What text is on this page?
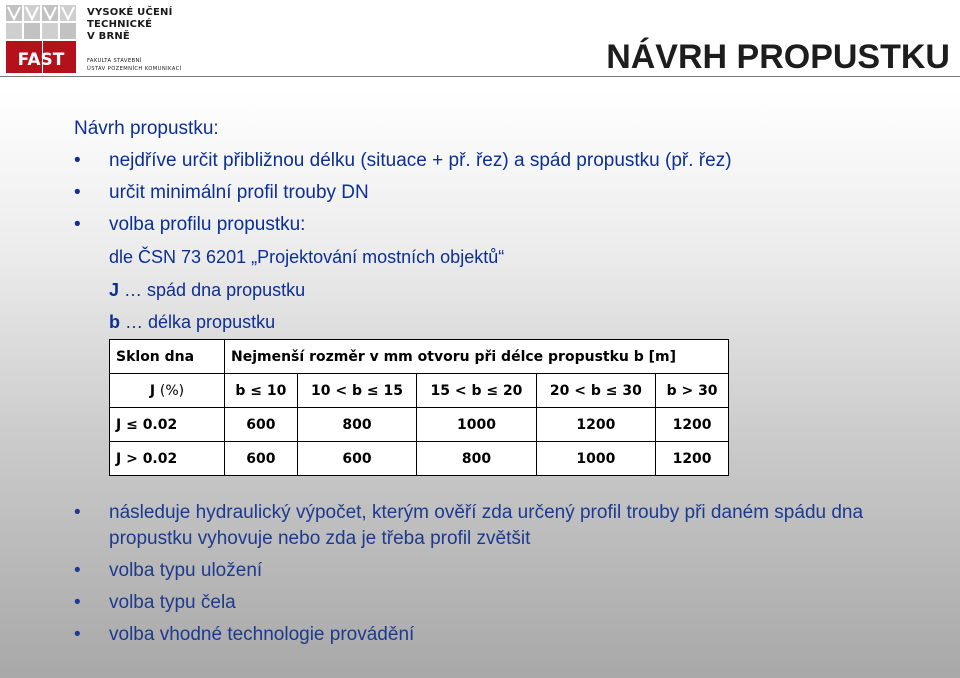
FAST
VYSOKÉ UČENÍ
TECHNICKÉ
V BRNĚ
FAKULTA STAVEBNÍ
ÚSTAV POZEMNÍCH KOMUNIKACÍ	NÁVRH PROPUSTKU
Návrh propustku:
• nejdříve určit přibližnou délku (situace + př. řez) a spád propustku (př. řez)
• určit minimální profil trouby DN
• volba profilu propustku:
dle ČSN 73 6201 „Projektování mostních objektů“
J … spád dna propustku
b … délka propustku
Sklon dna	Nejmenší rozměr v mm otvoru při délce propustku b [m]				
J (%)	b ≤ 10	10 < b ≤ 15	15 < b ≤ 20	20 < b ≤ 30	b > 30
J ≤ 0.02	600	800	1000	1200	1200
J > 0.02	600	600	800	1000	1200
• následuje hydraulický výpočet, kterým ověří zda určený profil trouby při daném spádu dna propustku vyhovuje nebo zda je třeba profil zvětšit
• volba typu uložení
• volba typu čela
• volba vhodné technologie provádění
